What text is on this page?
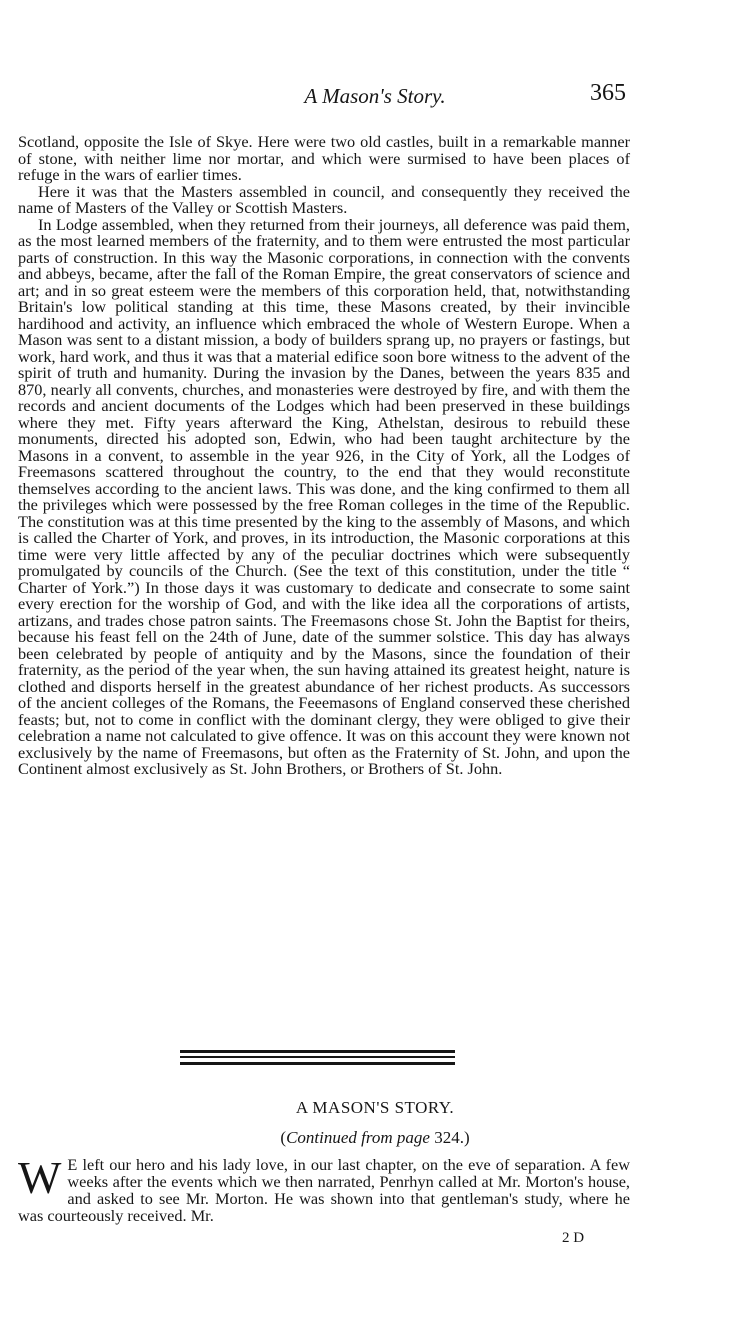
A Mason's Story.	365

Scotland, opposite the Isle of Skye. Here were two old castles, built in a remarkable manner of stone, with neither lime nor mortar, and which were surmised to have been places of refuge in the wars of earlier times.

Here it was that the Masters assembled in council, and consequently they received the name of Masters of the Valley or Scottish Masters.

In Lodge assembled, when they returned from their journeys, all deference was paid them, as the most learned members of the fraternity, and to them were entrusted the most particular parts of construction. In this way the Masonic corporations, in connection with the convents and abbeys, became, after the fall of the Roman Empire, the great conservators of science and art; and in so great esteem were the members of this corporation held, that, notwithstanding Britain's low political standing at this time, these Masons created, by their invincible hardihood and activity, an influence which embraced the whole of Western Europe. When a Mason was sent to a distant mission, a body of builders sprang up, no prayers or fastings, but work, hard work, and thus it was that a material edifice soon bore witness to the advent of the spirit of truth and humanity. During the invasion by the Danes, between the years 835 and 870, nearly all convents, churches, and monasteries were destroyed by fire, and with them the records and ancient documents of the Lodges which had been preserved in these buildings where they met. Fifty years afterward the King, Athelstan, desirous to rebuild these monuments, directed his adopted son, Edwin, who had been taught architecture by the Masons in a convent, to assemble in the year 926, in the City of York, all the Lodges of Freemasons scattered throughout the country, to the end that they would reconstitute themselves according to the ancient laws. This was done, and the king confirmed to them all the privileges which were possessed by the free Roman colleges in the time of the Republic. The constitution was at this time presented by the king to the assembly of Masons, and which is called the Charter of York, and proves, in its introduction, the Masonic corporations at this time were very little affected by any of the peculiar doctrines which were subsequently promulgated by councils of the Church. (See the text of this constitution, under the title “ Charter of York.”) In those days it was customary to dedicate and consecrate to some saint every erection for the worship of God, and with the like idea all the corporations of artists, artizans, and trades chose patron saints. The Freemasons chose St. John the Baptist for theirs, because his feast fell on the 24th of June, date of the summer solstice. This day has always been celebrated by people of antiquity and by the Masons, since the foundation of their fraternity, as the period of the year when, the sun having attained its greatest height, nature is clothed and disports herself in the greatest abundance of her richest products. As successors of the ancient colleges of the Romans, the Feeemasons of England conserved these cherished feasts; but, not to come in conflict with the dominant clergy, they were obliged to give their celebration a name not calculated to give offence. It was on this account they were known not exclusively by the name of Freemasons, but often as the Fraternity of St. John, and upon the Continent almost exclusively as St. John Brothers, or Brothers of St. John.

A MASON'S STORY.
(Continued from page 324.)

W E left our hero and his lady love, in our last chapter, on the eve of separation. A few weeks after the events which we then narrated, Penrhyn called at Mr. Morton's house, and asked to see Mr. Morton. He was shown into that gentleman's study, where he was courteously received. Mr.

2 D
